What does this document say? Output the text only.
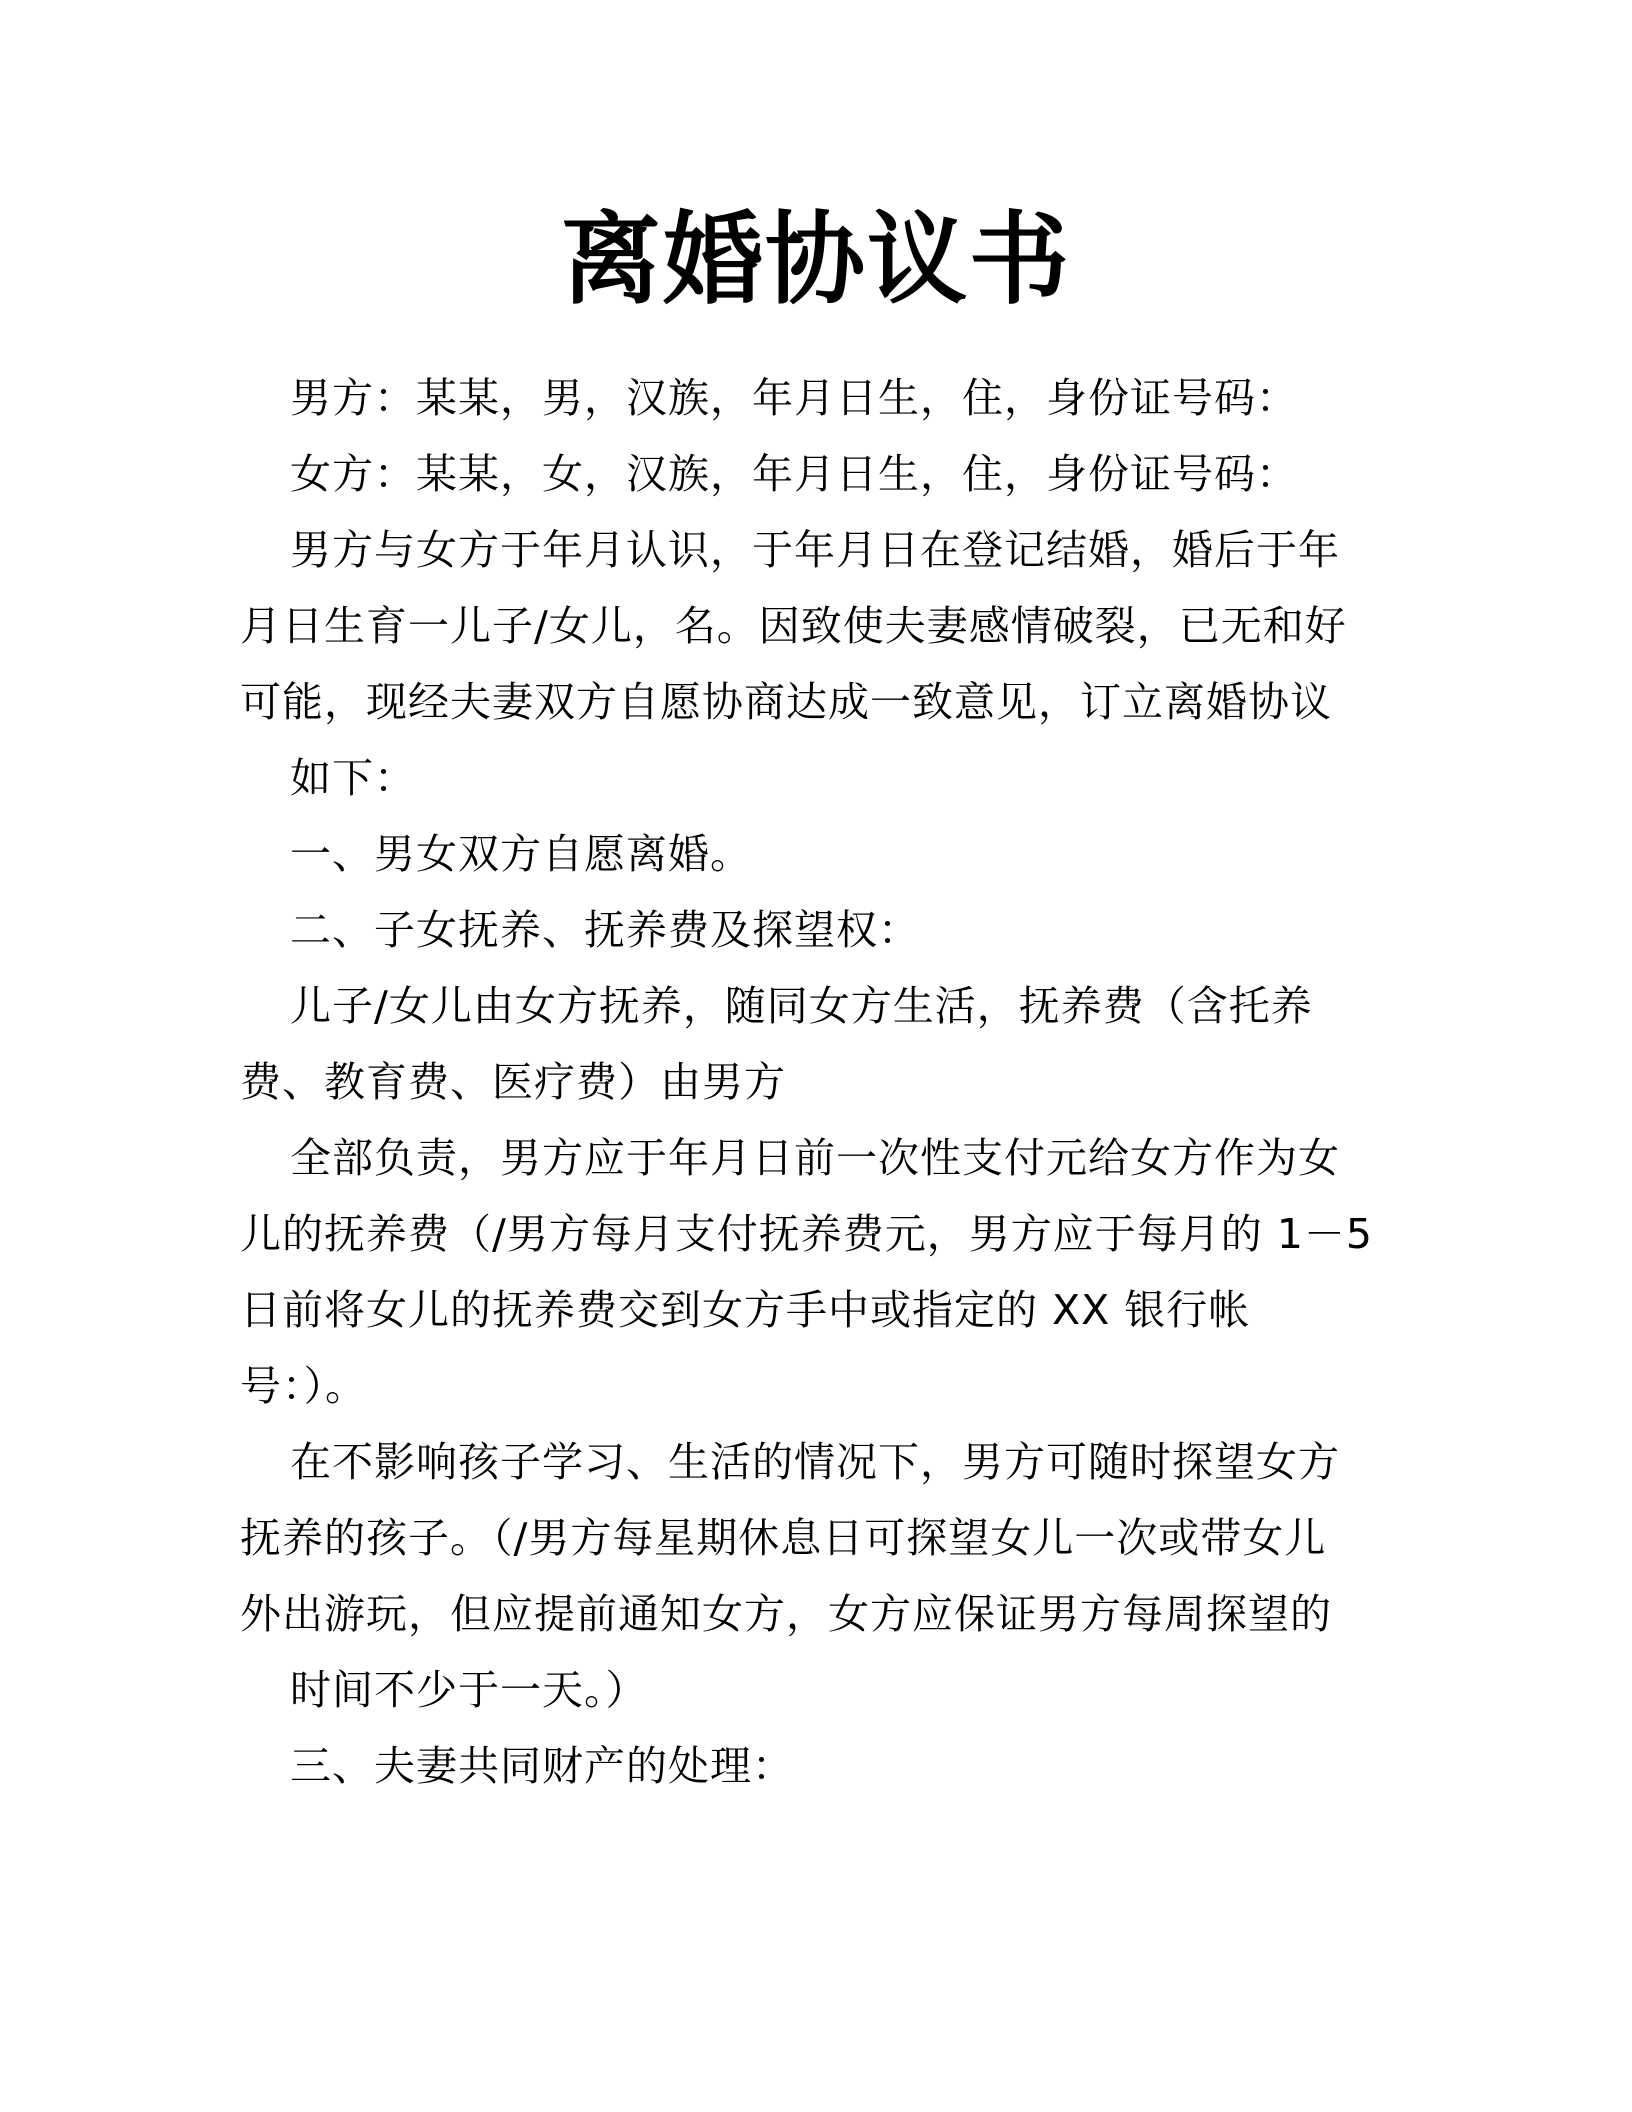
离婚协议书
男方：某某，男，汉族，年月日生，住，身份证号码：
女方：某某，女，汉族，年月日生，住，身份证号码：
男方与女方于年月认识，于年月日在登记结婚，婚后于年
月日生育一儿子/女儿，名。因致使夫妻感情破裂，已无和好
可能，现经夫妻双方自愿协商达成一致意见，订立离婚协议
如下：
一、男女双方自愿离婚。
二、子女抚养、抚养费及探望权：
儿子/女儿由女方抚养，随同女方生活，抚养费（含托养
费、教育费、医疗费）由男方
全部负责，男方应于年月日前一次性支付元给女方作为女
儿的抚养费（/男方每月支付抚养费元，男方应于每月的 1－5
日前将女儿的抚养费交到女方手中或指定的 XX 银行帐
号：）。
在不影响孩子学习、生活的情况下，男方可随时探望女方
抚养的孩子。（/男方每星期休息日可探望女儿一次或带女儿
外出游玩，但应提前通知女方，女方应保证男方每周探望的
时间不少于一天。）
三、夫妻共同财产的处理：
